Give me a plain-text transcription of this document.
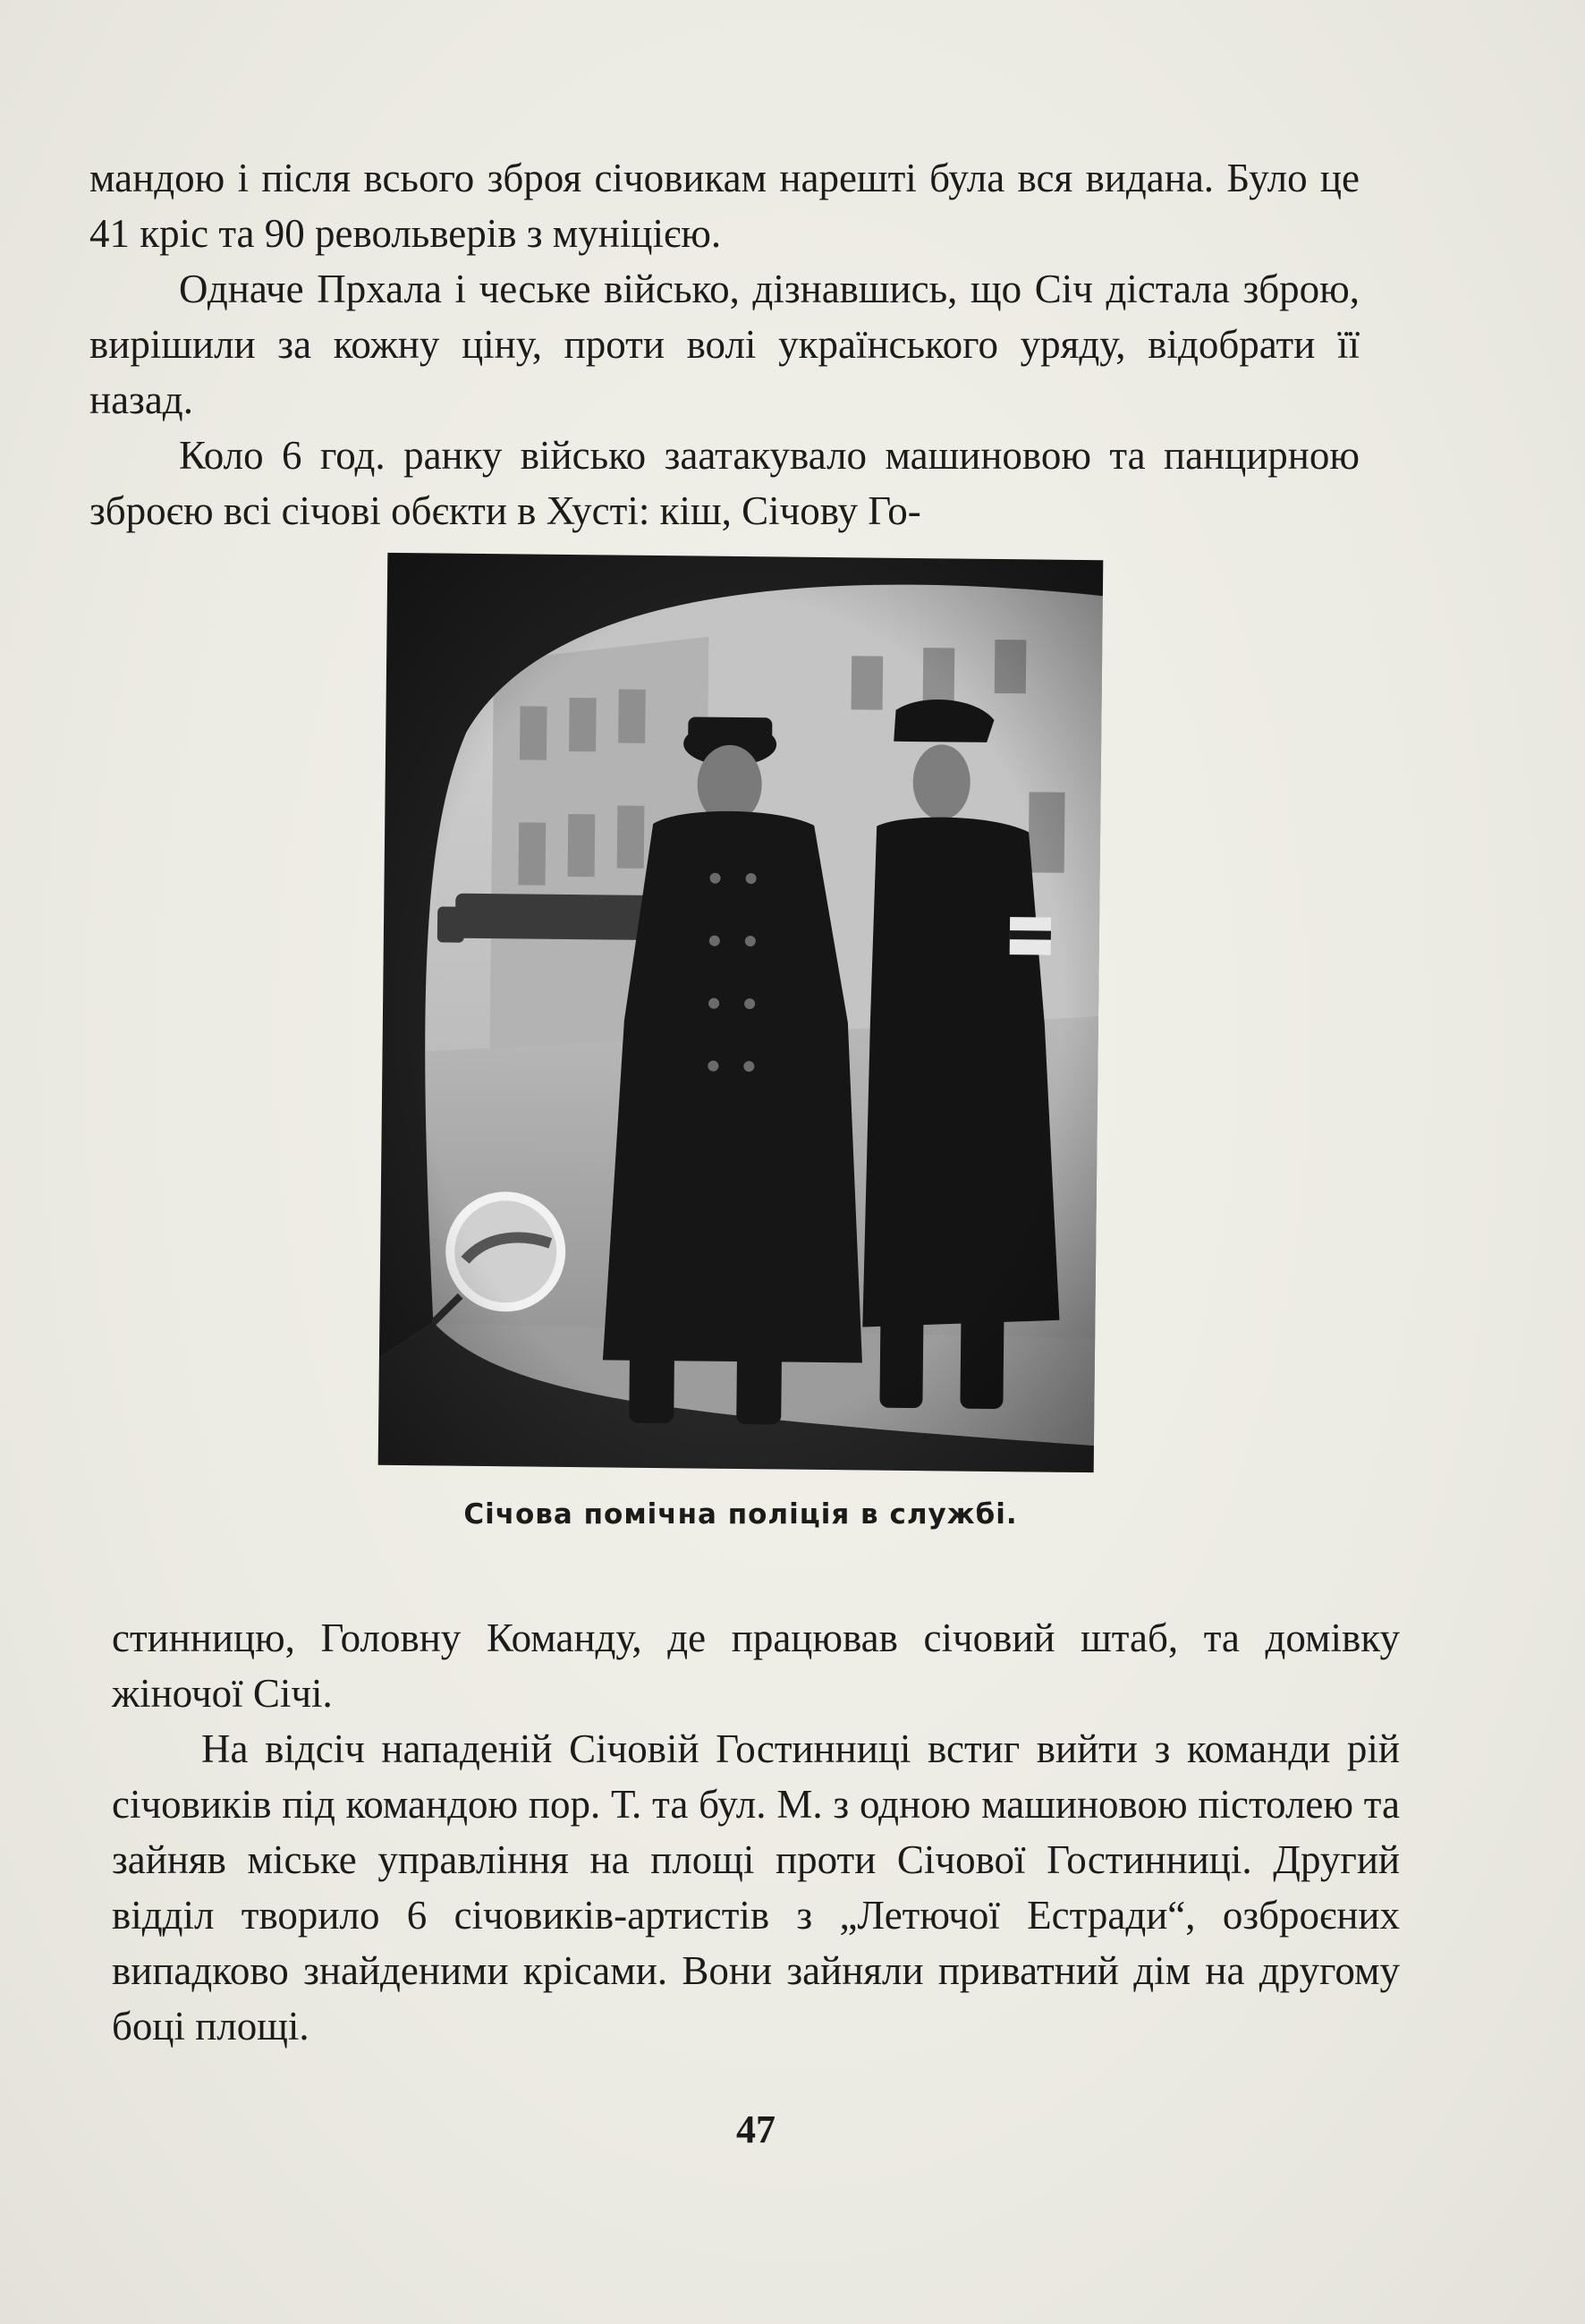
мандою і після всього зброя січовикам нарешті була вся видана. Було це 41 кріс та 90 револьверів з муніцією.

Одначе Прхала і чеське військо, дізнавшись, що Січ дістала зброю, вирішили за кожну ціну, проти волі українського уряду, відобрати її назад.

Коло 6 год. ранку військо заатакувало машиновою та панцирною зброєю всі січові обєкти в Хусті: кіш, Січову Го-

Січова помічна поліція в службі.

стинницю, Головну Команду, де працював січовий штаб, та домівку жіночої Січі.

На відсіч нападеній Січовій Гостинниці встиг вийти з команди рій січовиків під командою пор. Т. та бул. М. з одною машиновою пістолею та зайняв міське управління на площі проти Січової Гостинниці. Другий відділ творило 6 січовиків-артистів з „Летючої Естради“, озброєних випадково знайденими крісами. Вони зайняли приватний дім на другому боці площі.

47
